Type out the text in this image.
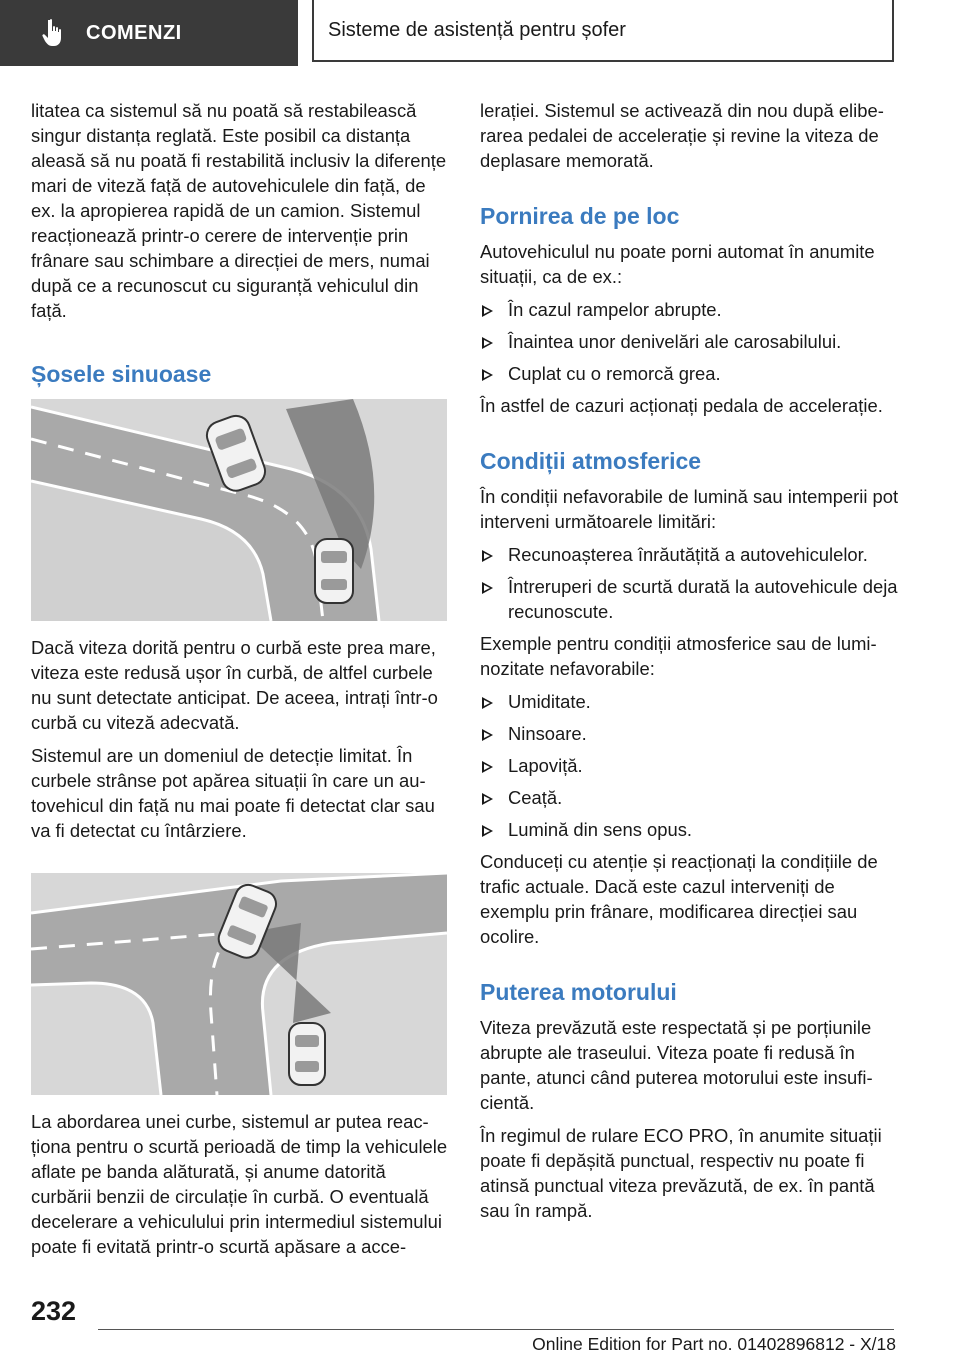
COMENZI	Sisteme de asistență pentru șofer

litatea ca sistemul să nu poată să restabilească singur distanța reglată. Este posibil ca distanța aleasă să nu poată fi restabilită inclusiv la diferențe mari de viteză față de autovehiculele din față, de ex. la apropierea rapidă de un camion. Sistemul reacționează printr-o cerere de intervenție prin frânare sau schimbare a direcției de mers, numai după ce a recunoscut cu siguranță vehiculul din față.

Șosele sinuoase

Dacă viteza dorită pentru o curbă este prea mare, viteza este redusă ușor în curbă, de altfel curbele nu sunt detectate anticipat. De aceea, intrați într-o curbă cu viteză adecvată.

Sistemul are un domeniul de detecție limitat. În curbele strânse pot apărea situații în care un autovehicul din față nu mai poate fi detectat clar sau va fi detectat cu întârziere.

La abordarea unei curbe, sistemul ar putea reacționa pentru o scurtă perioadă de timp la vehiculele aflate pe banda alăturată, și anume datorită curbării benzii de circulație în curbă. O eventuală decelerare a vehiculului prin intermediul sistemului poate fi evitată printr-o scurtă apăsare a acce-

lerației. Sistemul se activează din nou după eliberarea pedalei de accelerație și revine la viteza de deplasare memorată.

Pornirea de pe loc

Autovehiculul nu poate porni automat în anumite situații, ca de ex.:

În cazul rampelor abrupte.
Înaintea unor denivelări ale carosabilului.
Cuplat cu o remorcă grea.

În astfel de cazuri acționați pedala de accelerație.

Condiții atmosferice

În condiții nefavorabile de lumină sau intemperii pot interveni următoarele limitări:

Recunoașterea înrăutățită a autovehiculelor.
Întreruperi de scurtă durată la autovehicule deja recunoscute.

Exemple pentru condiții atmosferice sau de luminozitate nefavorabile:

Umiditate.
Ninsoare.
Lapoviță.
Ceață.
Lumină din sens opus.

Conduceți cu atenție și reacționați la condițiile de trafic actuale. Dacă este cazul interveniți de exemplu prin frânare, modificarea direcției sau ocolire.

Puterea motorului

Viteza prevăzută este respectată și pe porțiunile abrupte ale traseului. Viteza poate fi redusă în pante, atunci când puterea motorului este insuficientă.

În regimul de rulare ECO PRO, în anumite situații poate fi depășită punctual, respectiv nu poate fi atinsă punctual viteza prevăzută, de ex. în pantă sau în rampă.

232
Online Edition for Part no. 01402896812 - X/18
